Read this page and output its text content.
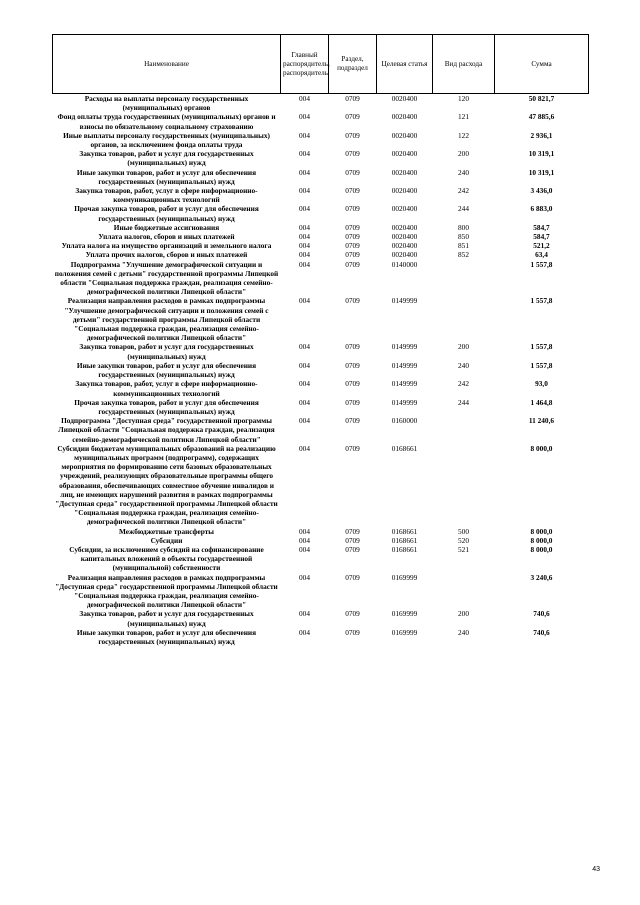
Наименование	Главный распорядитель, распорядитель	Раздел, подраздел	Целевая статья	Вид расхода	Сумма
Расходы на выплаты персоналу государственных (муниципальных) органов	004	0709	0020400	120	50 821,7
Фонд оплаты труда государственных (муниципальных) органов и взносы по обязательному социальному страхованию	004	0709	0020400	121	47 885,6
Иные выплаты персоналу государственных (муниципальных) органов, за исключением фонда оплаты труда	004	0709	0020400	122	2 936,1
Закупка товаров, работ и услуг для государственных (муниципальных) нужд	004	0709	0020400	200	10 319,1
Иные закупки товаров, работ и услуг для обеспечения государственных (муниципальных) нужд	004	0709	0020400	240	10 319,1
Закупка товаров, работ, услуг в сфере информационно-коммуникационных технологий	004	0709	0020400	242	3 436,0
Прочая закупка товаров, работ и услуг для обеспечения государственных (муниципальных) нужд	004	0709	0020400	244	6 883,0
Иные бюджетные ассигнования	004	0709	0020400	800	584,7
Уплата налогов, сборов и иных платежей	004	0709	0020400	850	584,7
Уплата налога на имущество организаций и земельного налога	004	0709	0020400	851	521,2
Уплата прочих налогов, сборов и иных платежей	004	0709	0020400	852	63,4
Подпрограмма "Улучшение демографической ситуации и положения семей с детьми" государственной программы Липецкой области "Социальная поддержка граждан, реализация семейно-демографической политики Липецкой области"	004	0709	0140000		1 557,8
Реализация направления расходов в рамках подпрограммы "Улучшение демографической ситуации и положения семей с детьми" государственной программы Липецкой области "Социальная поддержка граждан, реализация семейно-демографической политики Липецкой области"	004	0709	0149999		1 557,8
Закупка товаров, работ и услуг для государственных (муниципальных) нужд	004	0709	0149999	200	1 557,8
Иные закупки товаров, работ и услуг для обеспечения государственных (муниципальных) нужд	004	0709	0149999	240	1 557,8
Закупка товаров, работ, услуг в сфере информационно-коммуникационных технологий	004	0709	0149999	242	93,0
Прочая закупка товаров, работ и услуг для обеспечения государственных (муниципальных) нужд	004	0709	0149999	244	1 464,8
Подпрограмма "Доступная среда" государственной программы Липецкой области "Социальная поддержка граждан, реализация семейно-демографической политики Липецкой области"	004	0709	0160000		11 240,6
Субсидии бюджетам муниципальных образований на реализацию муниципальных программ (подпрограмм), содержащих мероприятия по формированию сети базовых образовательных учреждений, реализующих образовательные программы общего образования, обеспечивающих совместное обучение инвалидов и лиц, не имеющих нарушений развития в рамках подпрограммы "Доступная среда" государственной программы Липецкой области "Социальная поддержка граждан, реализация семейно-демографической политики Липецкой области"	004	0709	0168661		8 000,0
Межбюджетные трансферты	004	0709	0168661	500	8 000,0
Субсидии	004	0709	0168661	520	8 000,0
Субсидии, за исключением субсидий на софинансирование капитальных вложений в объекты государственной (муниципальной) собственности	004	0709	0168661	521	8 000,0
Реализация направления расходов в рамках подпрограммы "Доступная среда" государственной программы Липецкой области "Социальная поддержка граждан, реализация семейно-демографической политики Липецкой области"	004	0709	0169999		3 240,6
Закупка товаров, работ и услуг для государственных (муниципальных) нужд	004	0709	0169999	200	740,6
Иные закупки товаров, работ и услуг для обеспечения государственных (муниципальных) нужд	004	0709	0169999	240	740,6
43
